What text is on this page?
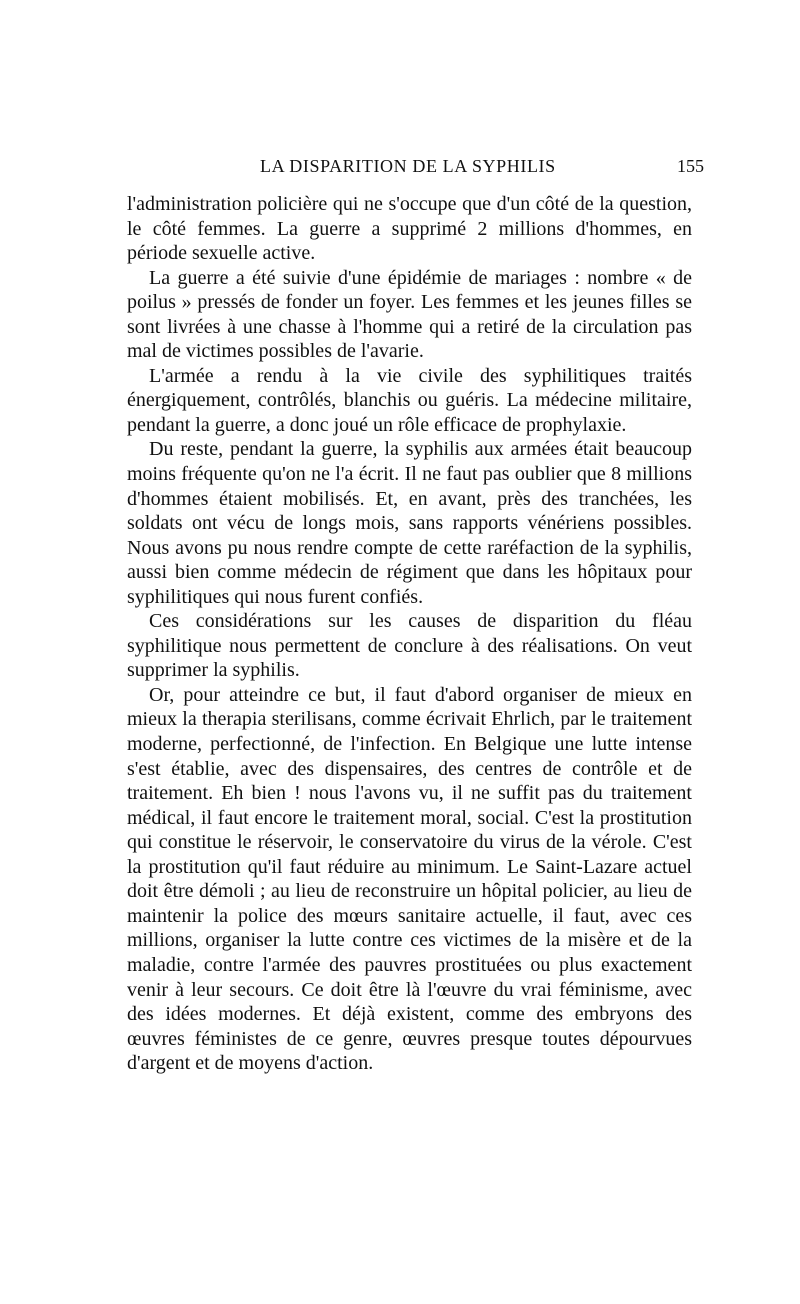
LA DISPARITION DE LA SYPHILIS	155

l'administration policière qui ne s'occupe que d'un côté de la question, le côté femmes. La guerre a supprimé 2 millions d'hommes, en période sexuelle active.

La guerre a été suivie d'une épidémie de mariages : nombre « de poilus » pressés de fonder un foyer. Les femmes et les jeunes filles se sont livrées à une chasse à l'homme qui a retiré de la circulation pas mal de victimes possibles de l'avarie.

L'armée a rendu à la vie civile des syphilitiques traités énergiquement, contrôlés, blanchis ou guéris. La médecine militaire, pendant la guerre, a donc joué un rôle efficace de prophylaxie.

Du reste, pendant la guerre, la syphilis aux armées était beaucoup moins fréquente qu'on ne l'a écrit. Il ne faut pas oublier que 8 millions d'hommes étaient mobilisés. Et, en avant, près des tranchées, les soldats ont vécu de longs mois, sans rapports vénériens possibles. Nous avons pu nous rendre compte de cette raréfaction de la syphilis, aussi bien comme médecin de régiment que dans les hôpitaux pour syphilitiques qui nous furent confiés.

Ces considérations sur les causes de disparition du fléau syphilitique nous permettent de conclure à des réalisations. On veut supprimer la syphilis.

Or, pour atteindre ce but, il faut d'abord organiser de mieux en mieux la therapia sterilisans, comme écrivait Ehrlich, par le traitement moderne, perfectionné, de l'infection. En Belgique une lutte intense s'est établie, avec des dispensaires, des centres de contrôle et de traitement. Eh bien ! nous l'avons vu, il ne suffit pas du traitement médical, il faut encore le traitement moral, social. C'est la prostitution qui constitue le réservoir, le conservatoire du virus de la vérole. C'est la prostitution qu'il faut réduire au minimum. Le Saint-Lazare actuel doit être démoli ; au lieu de reconstruire un hôpital policier, au lieu de maintenir la police des mœurs sanitaire actuelle, il faut, avec ces millions, organiser la lutte contre ces victimes de la misère et de la maladie, contre l'armée des pauvres prostituées ou plus exactement venir à leur secours. Ce doit être là l'œuvre du vrai féminisme, avec des idées modernes. Et déjà existent, comme des embryons des œuvres féministes de ce genre, œuvres presque toutes dépourvues d'argent et de moyens d'action.
